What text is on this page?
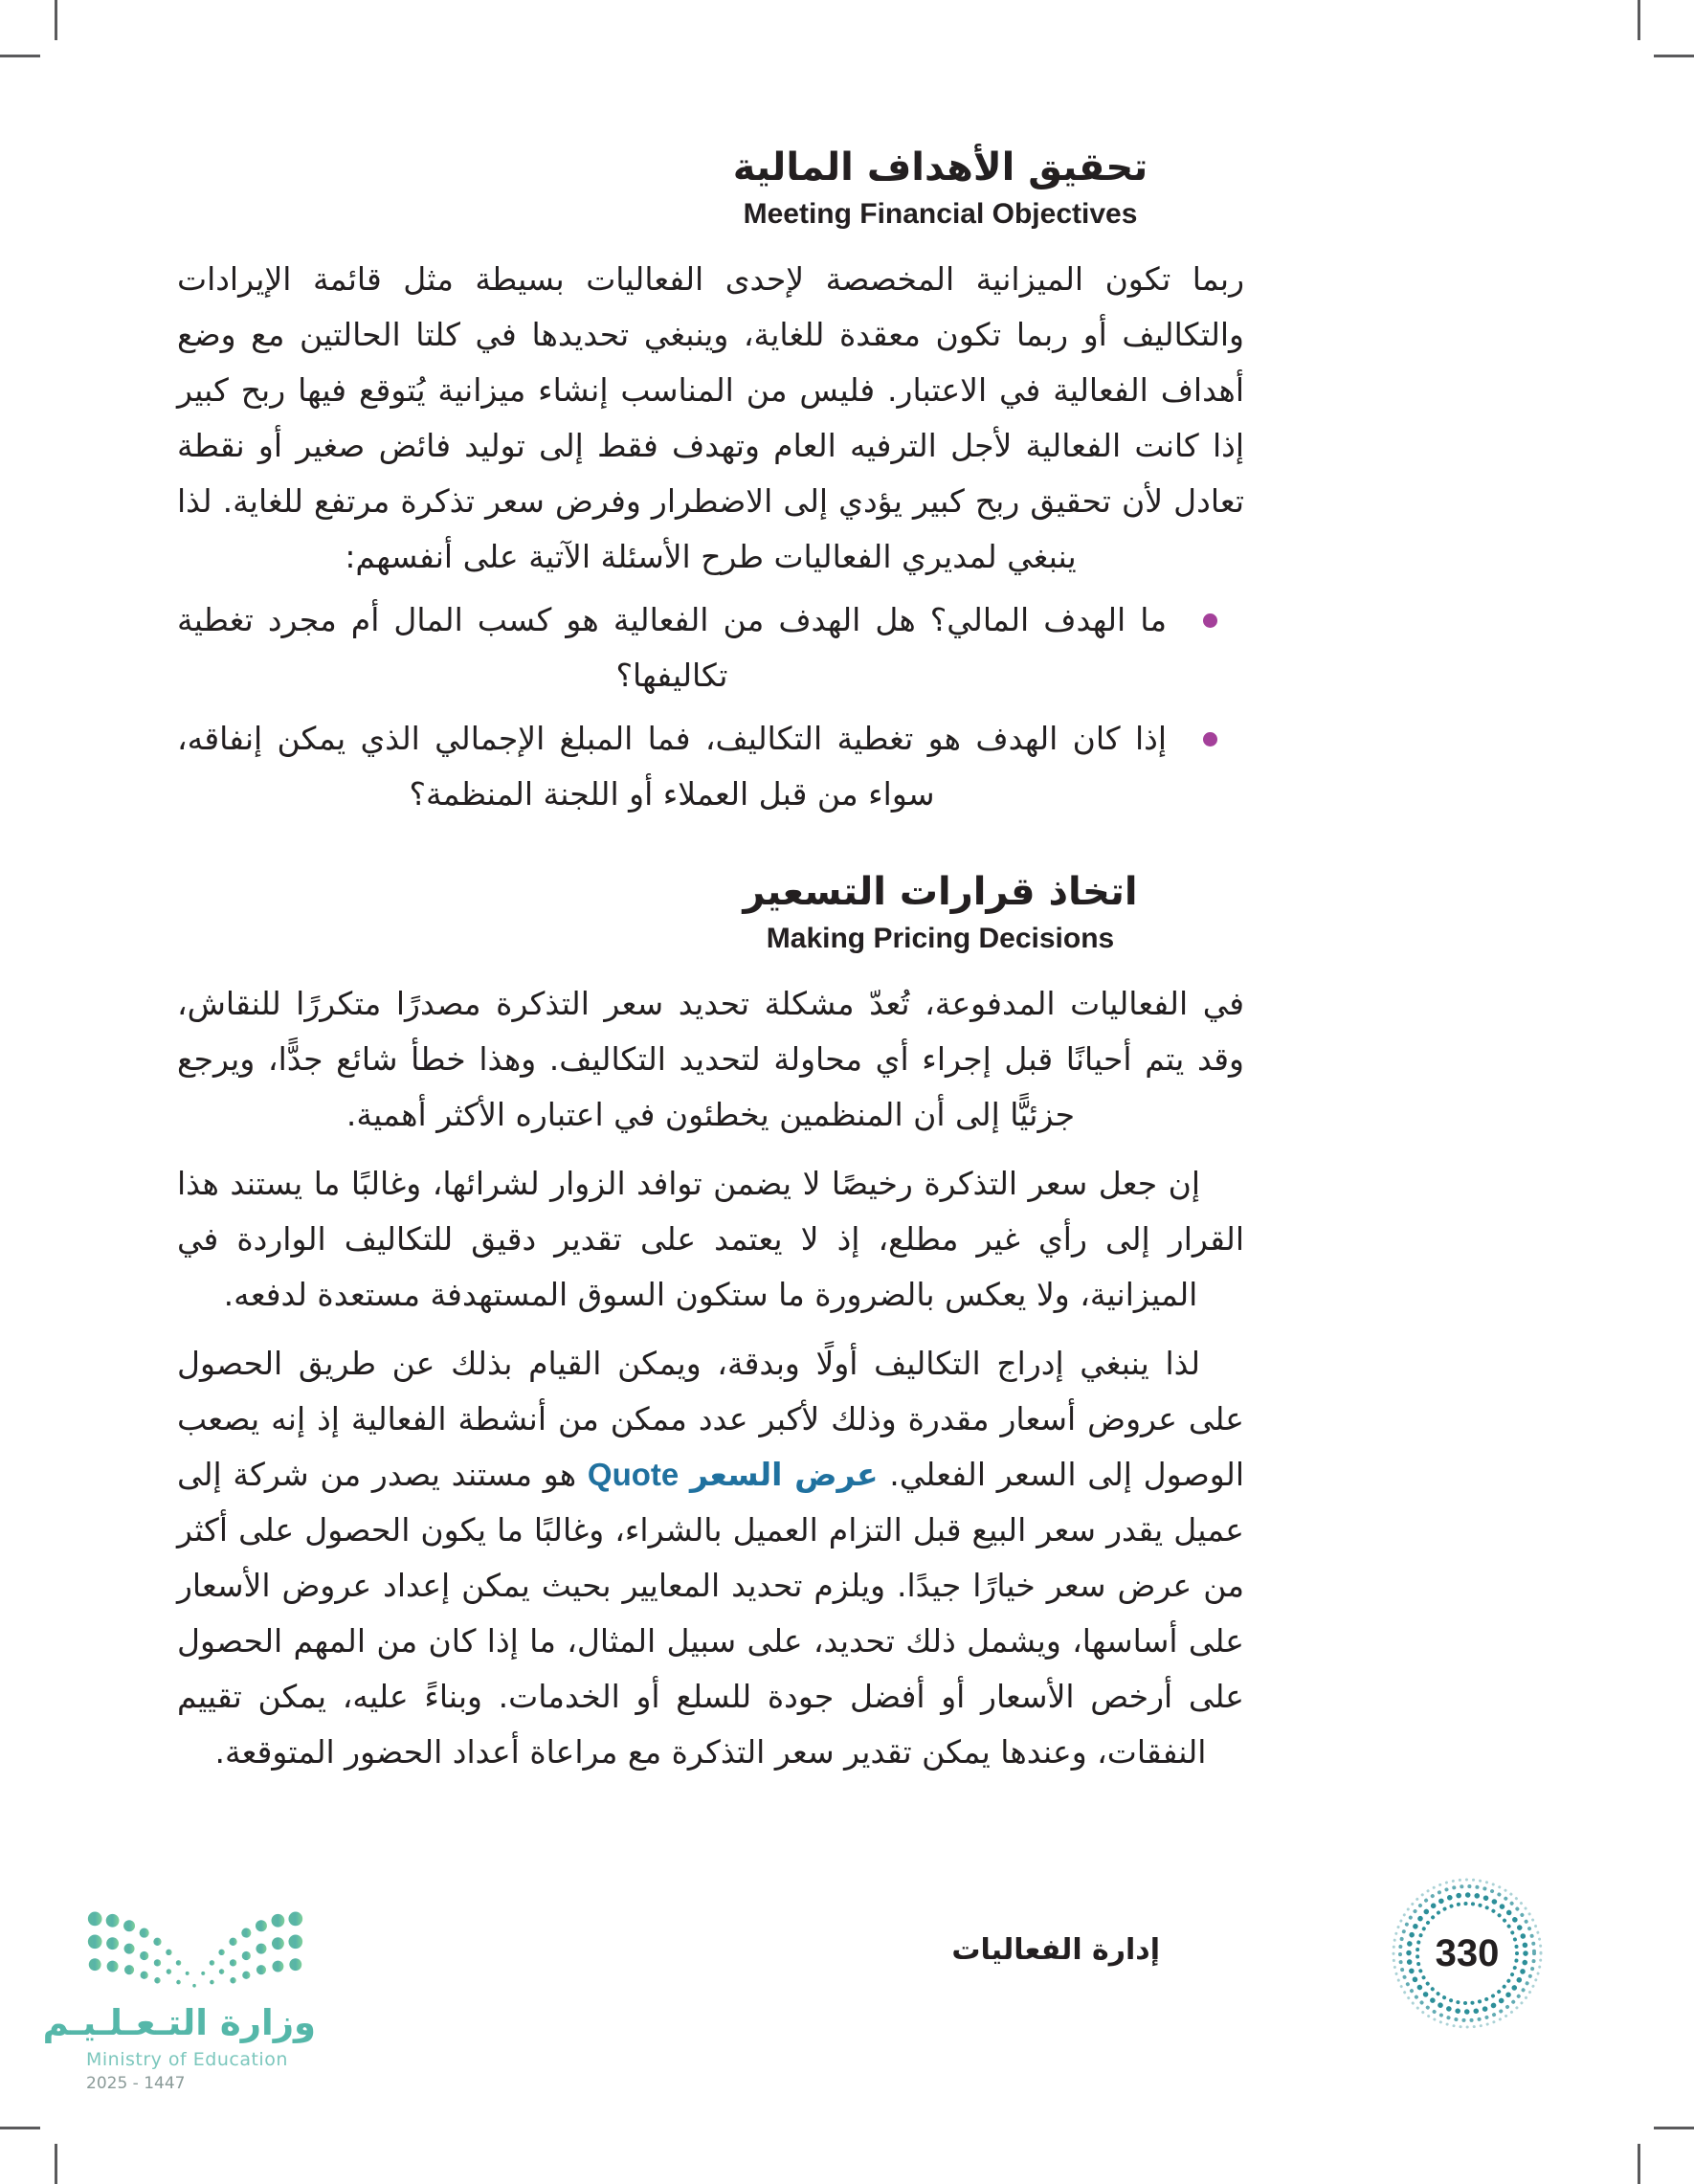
تحقيق الأهداف المالية
Meeting Financial Objectives

ربما تكون الميزانية المخصصة لإحدى الفعاليات بسيطة مثل قائمة الإيرادات والتكاليف أو ربما تكون معقدة للغاية، وينبغي تحديدها في كلتا الحالتين مع وضع أهداف الفعالية في الاعتبار. فليس من المناسب إنشاء ميزانية يُتوقع فيها ربح كبير إذا كانت الفعالية لأجل الترفيه العام وتهدف فقط إلى توليد فائض صغير أو نقطة تعادل لأن تحقيق ربح كبير يؤدي إلى الاضطرار وفرض سعر تذكرة مرتفع للغاية. لذا ينبغي لمديري الفعاليات طرح الأسئلة الآتية على أنفسهم:

ما الهدف المالي؟ هل الهدف من الفعالية هو كسب المال أم مجرد تغطية تكاليفها؟
إذا كان الهدف هو تغطية التكاليف، فما المبلغ الإجمالي الذي يمكن إنفاقه، سواء من قبل العملاء أو اللجنة المنظمة؟
اتخاذ قرارات التسعير
Making Pricing Decisions

في الفعاليات المدفوعة، تُعدّ مشكلة تحديد سعر التذكرة مصدرًا متكررًا للنقاش، وقد يتم أحيانًا قبل إجراء أي محاولة لتحديد التكاليف. وهذا خطأ شائع جدًّا، ويرجع جزئيًّا إلى أن المنظمين يخطئون في اعتباره الأكثر أهمية.

إن جعل سعر التذكرة رخيصًا لا يضمن توافد الزوار لشرائها، وغالبًا ما يستند هذا القرار إلى رأي غير مطلع، إذ لا يعتمد على تقدير دقيق للتكاليف الواردة في الميزانية، ولا يعكس بالضرورة ما ستكون السوق المستهدفة مستعدة لدفعه.

لذا ينبغي إدراج التكاليف أولًا وبدقة، ويمكن القيام بذلك عن طريق الحصول على عروض أسعار مقدرة وذلك لأكبر عدد ممكن من أنشطة الفعالية إذ إنه يصعب الوصول إلى السعر الفعلي. عرض السعر Quote هو مستند يصدر من شركة إلى عميل يقدر سعر البيع قبل التزام العميل بالشراء، وغالبًا ما يكون الحصول على أكثر من عرض سعر خيارًا جيدًا. ويلزم تحديد المعايير بحيث يمكن إعداد عروض الأسعار على أساسها، ويشمل ذلك تحديد، على سبيل المثال، ما إذا كان من المهم الحصول على أرخص الأسعار أو أفضل جودة للسلع أو الخدمات. وبناءً عليه، يمكن تقييم النفقات، وعندها يمكن تقدير سعر التذكرة مع مراعاة أعداد الحضور المتوقعة.

وزارة التـعـلـيـم
Ministry of Education
2025 - 1447
إدارة الفعاليات	330
